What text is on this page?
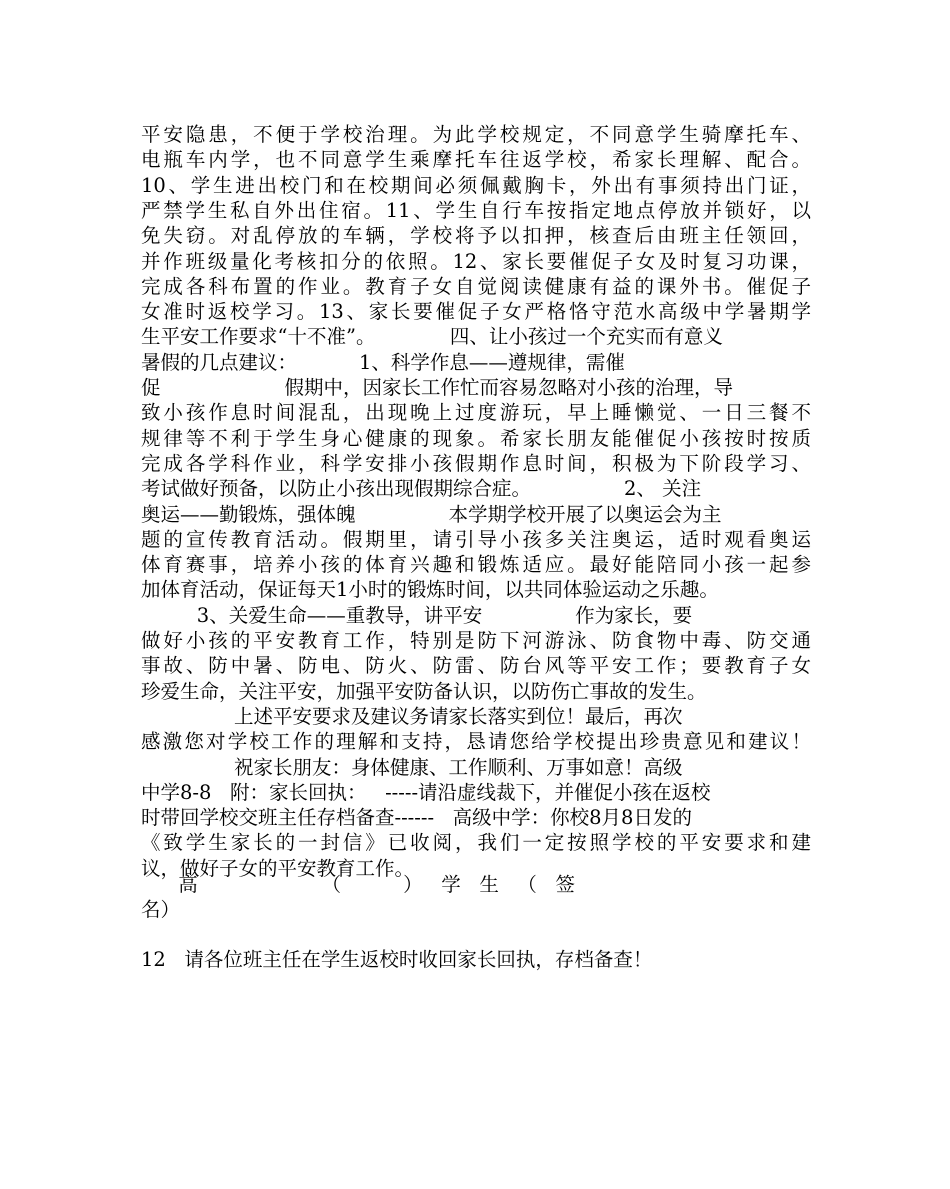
平安隐患，不便于学校治理。为此学校规定，不同意学生骑摩托车、
电瓶车内学，也不同意学生乘摩托车往返学校，希家长理解、配合。
10、学生进出校门和在校期间必须佩戴胸卡，外出有事须持出门证，
严禁学生私自外出住宿。11、学生自行车按指定地点停放并锁好，以
免失窃。对乱停放的车辆，学校将予以扣押，核查后由班主任领回，
并作班级量化考核扣分的依照。12、家长要催促子女及时复习功课，
完成各科布置的作业。教育子女自觉阅读健康有益的课外书。催促子
女准时返校学习。13、家长要催促子女严格恪守范水高级中学暑期学
生平安工作要求“十不准”。            四、让小孩过一个充实而有意义
暑假的几点建议：          1、科学作息——遵规律，需催
促                    假期中，因家长工作忙而容易忽略对小孩的治理，导
致小孩作息时间混乱，出现晚上过度游玩，早上睡懒觉、一日三餐不
规律等不利于学生身心健康的现象。希家长朋友能催促小孩按时按质
完成各学科作业，科学安排小孩假期作息时间，积极为下阶段学习、
考试做好预备，以防止小孩出现假期综合症。               2、 关注
奥运——勤锻炼，强体魄               本学期学校开展了以奥运会为主
题的宣传教育活动。假期里，请引导小孩多关注奥运，适时观看奥运
体育赛事，培养小孩的体育兴趣和锻炼适应。最好能陪同小孩一起参
加体育活动，保证每天1小时的锻炼时间，以共同体验运动之乐趣。
3、关爱生命——重教导，讲平安               作为家长，要
做好小孩的平安教育工作，特别是防下河游泳、防食物中毒、防交通
事故、防中暑、防电、防火、防雷、防台风等平安工作；要教育子女
珍爱生命，关注平安，加强平安防备认识，以防伤亡事故的发生。
上述平安要求及建议务请家长落实到位！最后，再次
感激您对学校工作的理解和支持，恳请您给学校提出珍贵意见和建议！
祝家长朋友：身体健康、工作顺利、万事如意！高级
中学8-8   附：家长回执：   -----请沿虚线裁下，并催促小孩在返校
时带回学校交班主任存档备查------   高级中学：你校8月8日发的
《致学生家长的一封信》已收阅，我们一定按照学校的平安要求和建
议，做好子女的平安教育工作。
高                    （          ）   学   生   （   签
名）

12   请各位班主任在学生返校时收回家长回执，存档备查！
